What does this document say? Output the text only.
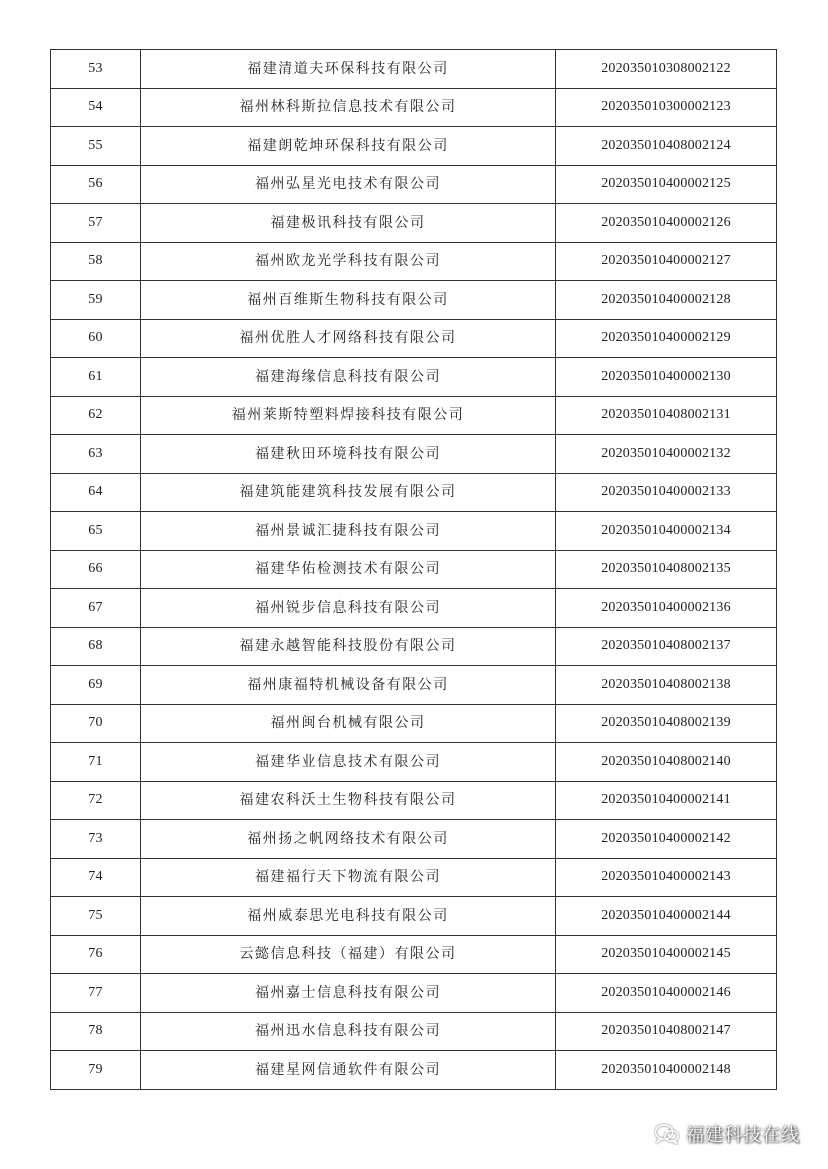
53	福建清道夫环保科技有限公司	202035010308002122
54	福州林科斯拉信息技术有限公司	202035010300002123
55	福建朗乾坤环保科技有限公司	202035010408002124
56	福州弘星光电技术有限公司	202035010400002125
57	福建极讯科技有限公司	202035010400002126
58	福州欧龙光学科技有限公司	202035010400002127
59	福州百维斯生物科技有限公司	202035010400002128
60	福州优胜人才网络科技有限公司	202035010400002129
61	福建海缘信息科技有限公司	202035010400002130
62	福州莱斯特塑料焊接科技有限公司	202035010408002131
63	福建秋田环境科技有限公司	202035010400002132
64	福建筑能建筑科技发展有限公司	202035010400002133
65	福州景诚汇捷科技有限公司	202035010400002134
66	福建华佑检测技术有限公司	202035010408002135
67	福州锐步信息科技有限公司	202035010400002136
68	福建永越智能科技股份有限公司	202035010408002137
69	福州康福特机械设备有限公司	202035010408002138
70	福州闽台机械有限公司	202035010408002139
71	福建华业信息技术有限公司	202035010408002140
72	福建农科沃土生物科技有限公司	202035010400002141
73	福州扬之帆网络技术有限公司	202035010400002142
74	福建福行天下物流有限公司	202035010400002143
75	福州威泰思光电科技有限公司	202035010400002144
76	云懿信息科技（福建）有限公司	202035010400002145
77	福州嘉士信息科技有限公司	202035010400002146
78	福州迅水信息科技有限公司	202035010408002147
79	福建星网信通软件有限公司	202035010400002148
福建科技在线
